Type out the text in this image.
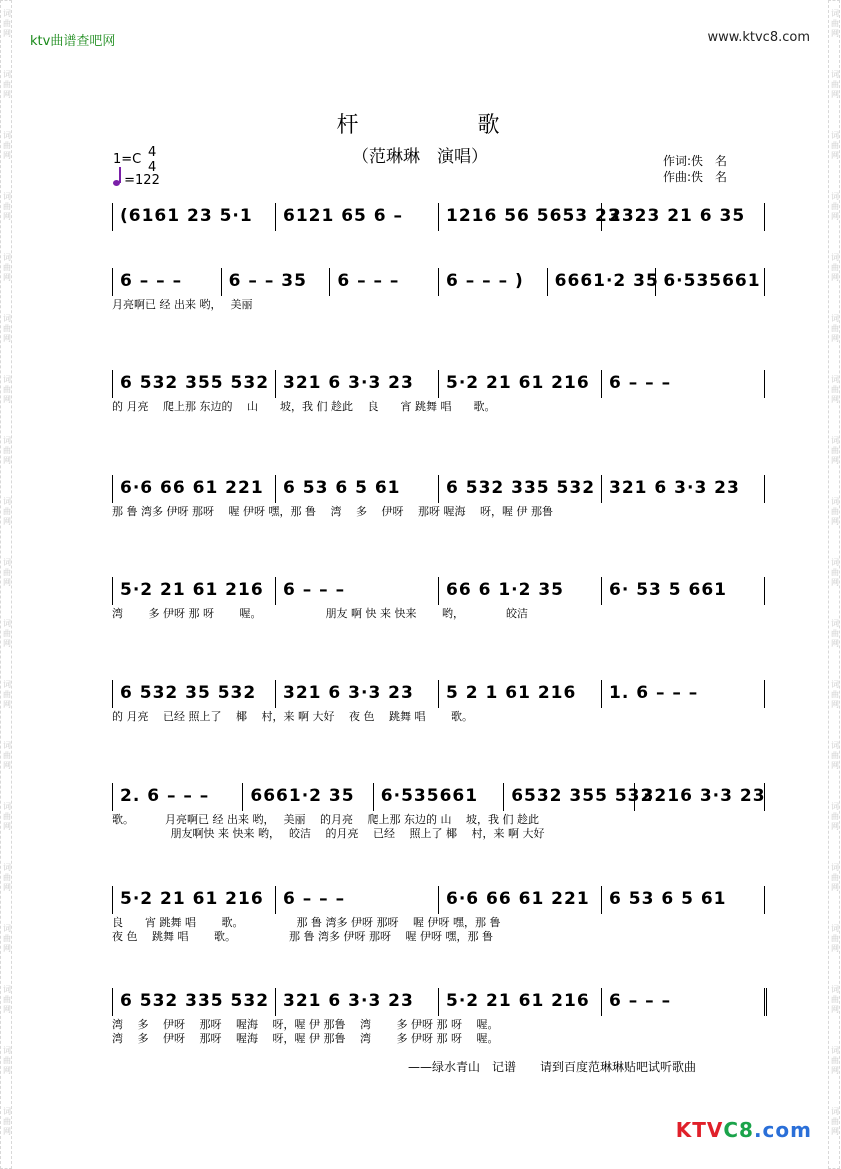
词
曲
网
词
曲
网
词
曲
网
词
曲
网
词
曲
网
词
曲
网
词
曲
网
词
曲
网
词
曲
网
词
曲
网
词
曲
网
词
曲
网
词
曲
网
词
曲
网
词
曲
网
词
曲
网
词
曲
网
词
曲
网
词
曲
网
词
曲
网
词
曲
网
词
曲
网
词
曲
网
词
曲
网
词
曲
网
词
曲
网
词
曲
网
词
曲
网
词
曲
网
词
曲
网
词
曲
网
词
曲
网
词
曲
网
词
曲
网
词
曲
网
词
曲
网
词
曲
网
词
曲
网
ktv曲谱查吧网	www.ktvc8.com
杆 歌
（范琳琳　演唱）
1=C 4
4
=122
作词:佚　名
作曲:佚　名
(6161 23 5·1	6121 65 6 –	1216 56 5653 23
2323 21 6 35
6 – – –	6 – – 35	6 – – –	6 – – – )	6661·2 35 6·535661
月亮啊已 经 出来 哟，　 美丽
6 532 355 532 321 6 3·3 23	5·2 21 61 216	6 – – –
的 月亮　 爬上那 东边的　 山　　坡，我 们 趁此　 良　　宵 跳舞 唱　　歌。
6·6 66 61 221	6 53 6 5 61	6 532 335 532 321 6 3·3 23
那 鲁 湾多 伊呀 那呀　 喔 伊呀 嘿，那 鲁　 湾　 多　 伊呀　 那呀 喔海　 呀，喔 伊 那鲁
5·2 21 61 216	6 – – –	66 6 1·2 35	6· 53 5 661
湾　　 多 伊呀 那 呀　　 喔。　　　　　　 朋友 啊 快 来 快来　　 哟，　　　　 皎洁
6 532 35 532	321 6 3·3 23	5 2 1 61 216	1. 6 – – –
的 月亮　 已经 照上了　 椰　 村，来 啊 大好　 夜 色　 跳舞 唱　　 歌。
2. 6 – – –	6661·2 35	6·535661	6532 355 532
3216 3·3 23
歌。　　　 月亮啊已 经 出来 哟，　 美丽　 的月亮　 爬上那 东边的 山　 坡，我 们 趁此
　　　　　 朋友啊快 来 快来 哟，　 皎洁　 的月亮　 已经　 照上了 椰　 村，来 啊 大好
5·2 21 61 216	6 – – –	6·6 66 61 221	6 53 6 5 61
良　　宵 跳舞 唱　　 歌。　　　　　 那 鲁 湾多 伊呀 那呀　 喔 伊呀 嘿，那 鲁
夜 色　 跳舞 唱　　 歌。　　　　　 那 鲁 湾多 伊呀 那呀　 喔 伊呀 嘿，那 鲁
6 532 335 532 321 6 3·3 23	5·2 21 61 216	6 – – –
湾　 多　 伊呀　 那呀　 喔海　 呀，喔 伊 那鲁　 湾　　 多 伊呀 那 呀　 喔。
湾　 多　 伊呀　 那呀　 喔海　 呀，喔 伊 那鲁　 湾　　 多 伊呀 那 呀　 喔。
——绿水青山　记谱　　请到百度范琳琳贴吧试听歌曲
KTVC8.com
